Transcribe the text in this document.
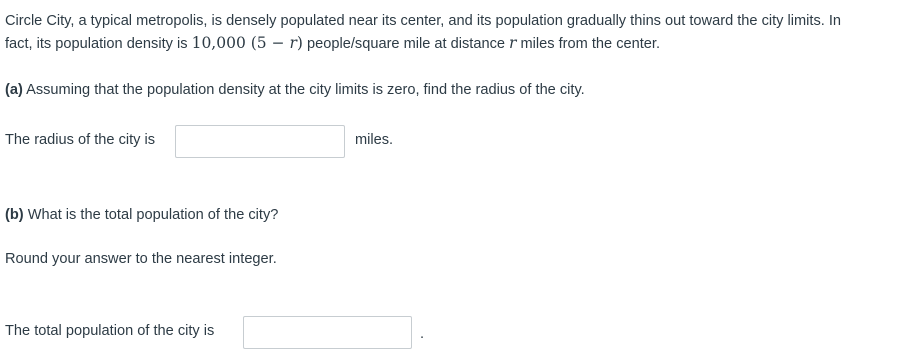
Circle City, a typical metropolis, is densely populated near its center, and its population gradually thins out toward the city limits. In

fact, its population density is 10,000 (5 − r) people/square mile at distance r miles from the center.

(a) Assuming that the population density at the city limits is zero, find the radius of the city.

The radius of the city is	miles.

(b) What is the total population of the city?

Round your answer to the nearest integer.

The total population of the city is	.
